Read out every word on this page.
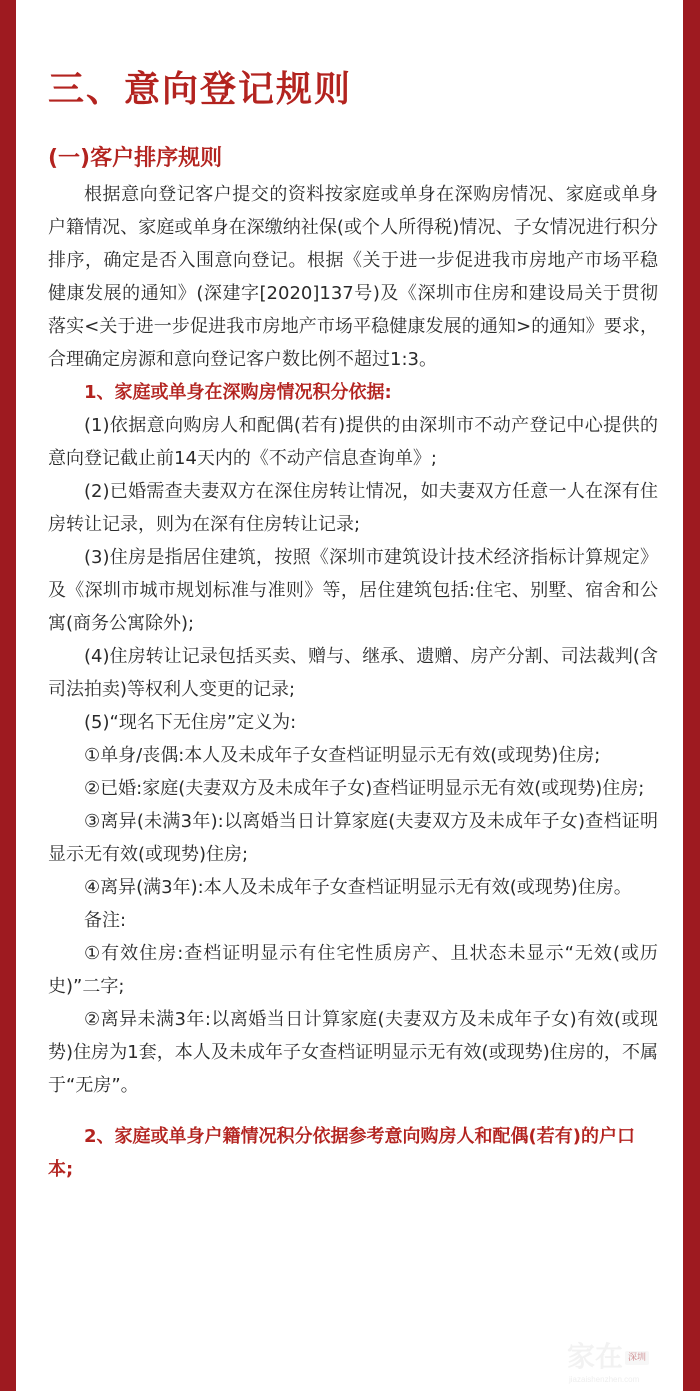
三、意向登记规则
(一)客户排序规则

根据意向登记客户提交的资料按家庭或单身在深购房情况、家庭或单身户籍情况、家庭或单身在深缴纳社保(或个人所得税)情况、子女情况进行积分排序，确定是否入围意向登记。根据《关于进一步促进我市房地产市场平稳健康发展的通知》(深建字[2020]137号)及《深圳市住房和建设局关于贯彻落实<关于进一步促进我市房地产市场平稳健康发展的通知>的通知》要求，合理确定房源和意向登记客户数比例不超过1:3。

1、家庭或单身在深购房情况积分依据:

(1)依据意向购房人和配偶(若有)提供的由深圳市不动产登记中心提供的意向登记截止前14天内的《不动产信息查询单》;

(2)已婚需查夫妻双方在深住房转让情况，如夫妻双方任意一人在深有住房转让记录，则为在深有住房转让记录;

(3)住房是指居住建筑，按照《深圳市建筑设计技术经济指标计算规定》及《深圳市城市规划标准与准则》等，居住建筑包括:住宅、别墅、宿舍和公寓(商务公寓除外);

(4)住房转让记录包括买卖、赠与、继承、遗赠、房产分割、司法裁判(含司法拍卖)等权利人变更的记录;

(5)“现名下无住房”定义为:

①单身/丧偶:本人及未成年子女查档证明显示无有效(或现势)住房;

②已婚:家庭(夫妻双方及未成年子女)查档证明显示无有效(或现势)住房;

③离异(未满3年):以离婚当日计算家庭(夫妻双方及未成年子女)查档证明显示无有效(或现势)住房;

④离异(满3年):本人及未成年子女查档证明显示无有效(或现势)住房。

备注:

①有效住房:查档证明显示有住宅性质房产、且状态未显示“无效(或历史)”二字;

②离异未满3年:以离婚当日计算家庭(夫妻双方及未成年子女)有效(或现势)住房为1套，本人及未成年子女查档证明显示无有效(或现势)住房的，不属于“无房”。

2、家庭或单身户籍情况积分依据参考意向购房人和配偶(若有)的户口本;

家在 深圳
jiazaishenzhen.com
